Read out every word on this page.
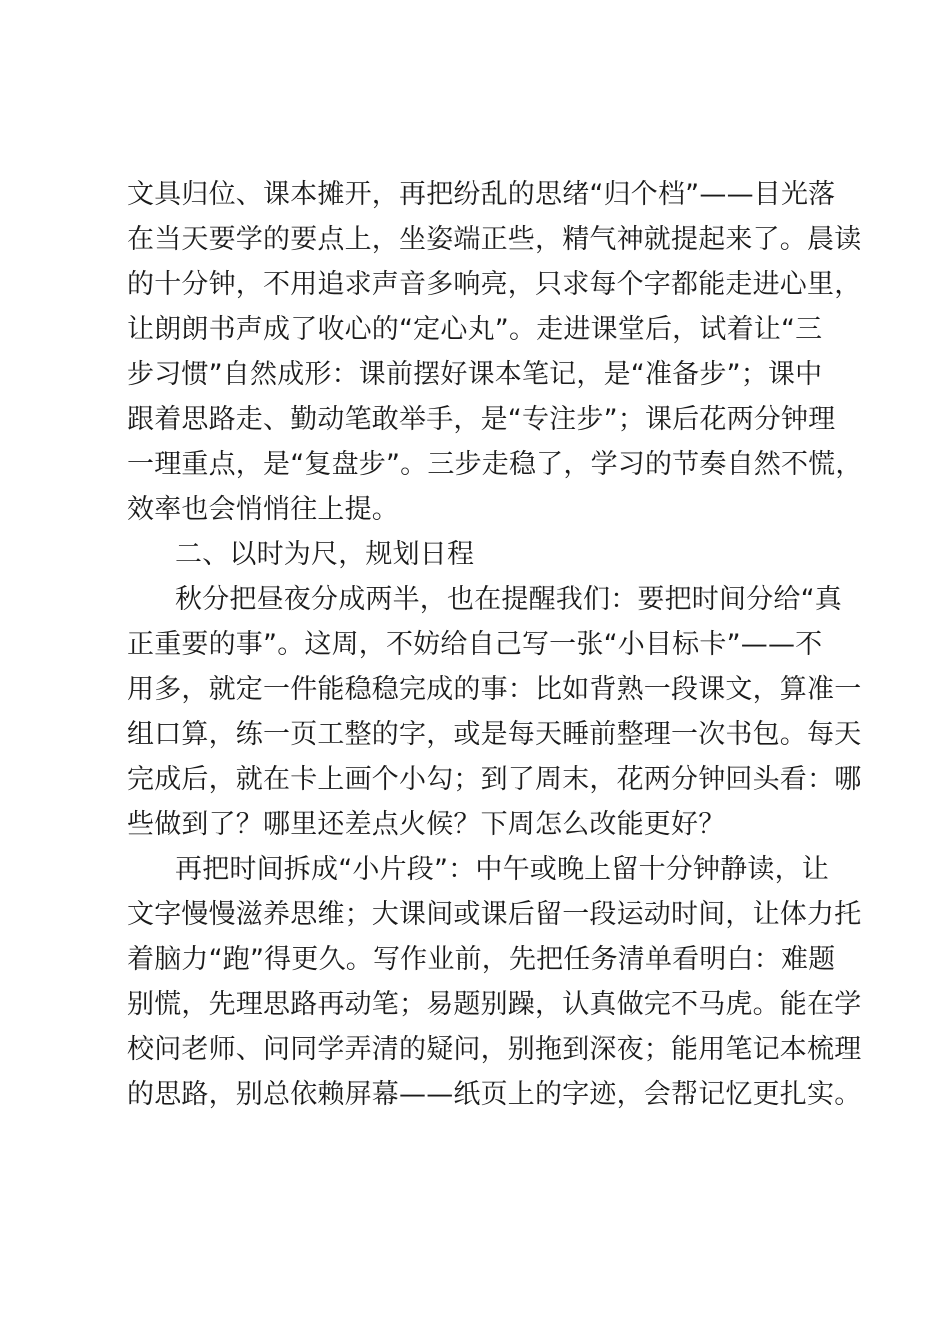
文具归位、课本摊开，再把纷乱的思绪“归个档”——目光落
在当天要学的要点上，坐姿端正些，精气神就提起来了。晨读
的十分钟，不用追求声音多响亮，只求每个字都能走进心里，
让朗朗书声成了收心的“定心丸”。走进课堂后，试着让“三
步习惯”自然成形：课前摆好课本笔记，是“准备步”；课中
跟着思路走、勤动笔敢举手，是“专注步”；课后花两分钟理
一理重点，是“复盘步”。三步走稳了，学习的节奏自然不慌，
效率也会悄悄往上提。
二、以时为尺，规划日程
秋分把昼夜分成两半，也在提醒我们：要把时间分给“真
正重要的事”。这周，不妨给自己写一张“小目标卡”——不
用多，就定一件能稳稳完成的事：比如背熟一段课文，算准一
组口算，练一页工整的字，或是每天睡前整理一次书包。每天
完成后，就在卡上画个小勾；到了周末，花两分钟回头看：哪
些做到了？哪里还差点火候？下周怎么改能更好？
再把时间拆成“小片段”：中午或晚上留十分钟静读，让
文字慢慢滋养思维；大课间或课后留一段运动时间，让体力托
着脑力“跑”得更久。写作业前，先把任务清单看明白：难题
别慌，先理思路再动笔；易题别躁，认真做完不马虎。能在学
校问老师、问同学弄清的疑问，别拖到深夜；能用笔记本梳理
的思路，别总依赖屏幕——纸页上的字迹，会帮记忆更扎实。
